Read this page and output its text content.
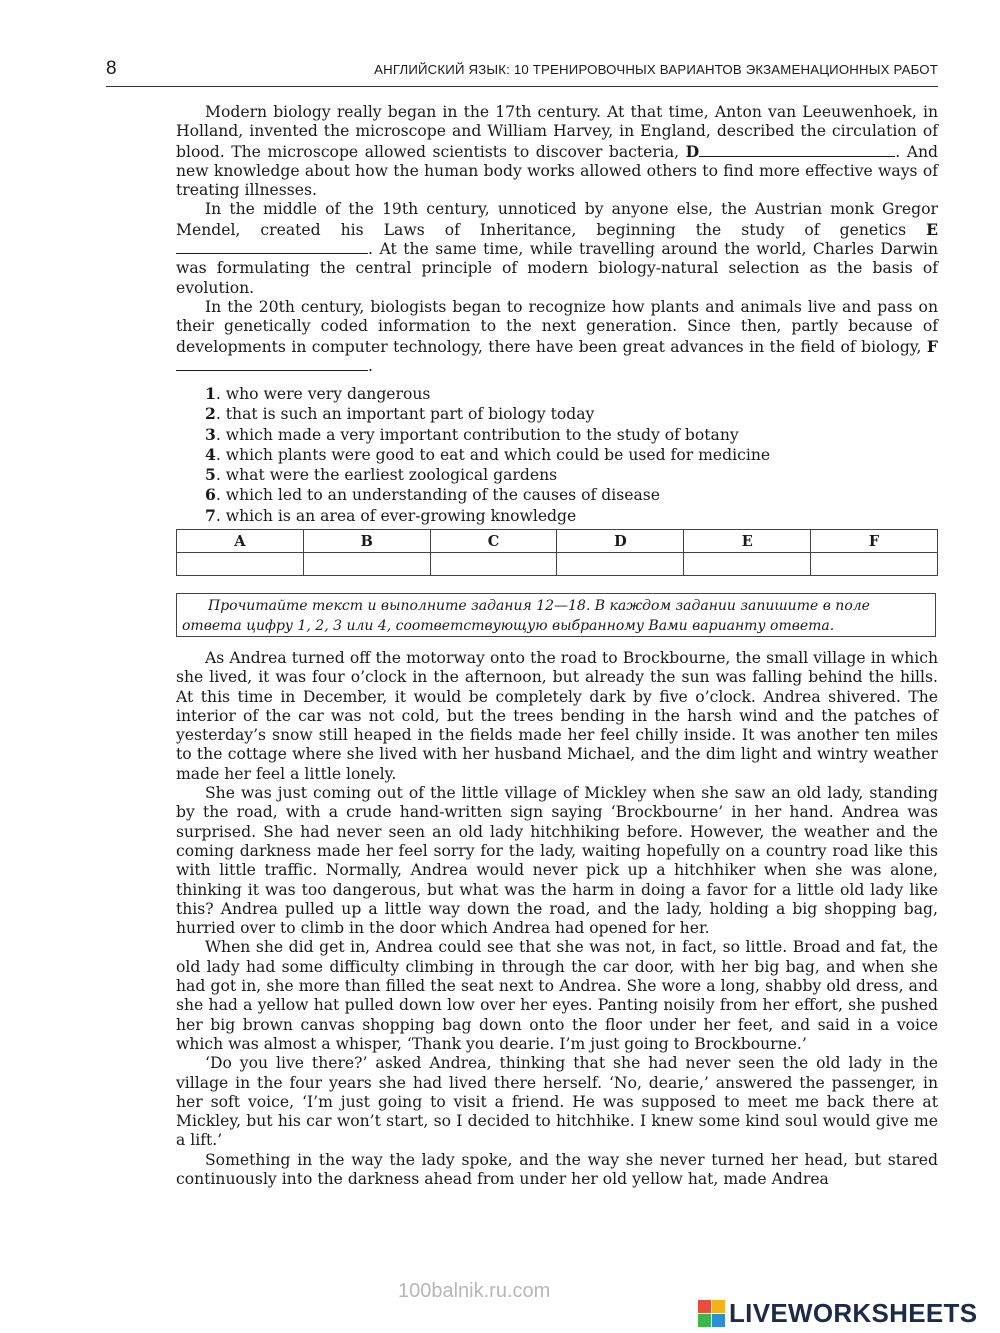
8	АНГЛИЙСКИЙ ЯЗЫК: 10 ТРЕНИРОВОЧНЫХ ВАРИАНТОВ ЭКЗАМЕНАЦИОННЫХ РАБОТ

Modern biology really began in the 17th century. At that time, Anton van Leeuwenhoek, in Holland, invented the microscope and William Harvey, in England, described the circulation of blood. The microscope allowed scientists to discover bacteria, D	. And new knowledge about how the human body works allowed others to find more effective ways of treating illnesses.

In the middle of the 19th century, unnoticed by anyone else, the Austrian monk Gregor Mendel, created his Laws of Inheritance, beginning the study of genetics E. At the same time, while travelling around the world, Charles Darwin was formulating the central principle of modern biology-natural selection as the basis of evolution.

In the 20th century, biologists began to recognize how plants and animals live and pass on their genetically coded information to the next generation. Since then, partly because of developments in computer technology, there have been great advances in the field of biology, F.

1. who were very dangerous
2. that is such an important part of biology today
3. which made a very important contribution to the study of botany
4. which plants were good to eat and which could be used for medicine
5. what were the earliest zoological gardens
6. which led to an understanding of the causes of disease
7. which is an area of ever-growing knowledge
A	B	C	D	E	F

Прочитайте текст и выполните задания 12—18. В каждом задании запишите в поле
ответа цифру 1, 2, 3 или 4, соответствующую выбранному Вами варианту ответа.

As Andrea turned off the motorway onto the road to Brockbourne, the small village in which she lived, it was four o’clock in the afternoon, but already the sun was falling behind the hills. At this time in December, it would be completely dark by five o’clock. Andrea shivered. The interior of the car was not cold, but the trees bending in the harsh wind and the patches of yesterday’s snow still heaped in the fields made her feel chilly inside. It was another ten miles to the cottage where she lived with her husband Michael, and the dim light and wintry weather made her feel a little lonely.

She was just coming out of the little village of Mickley when she saw an old lady, standing by the road, with a crude hand-written sign saying ‘Brockbourne’ in her hand. Andrea was surprised. She had never seen an old lady hitchhiking before. However, the weather and the coming darkness made her feel sorry for the lady, waiting hopefully on a country road like this with little traffic. Normally, Andrea would never pick up a hitchhiker when she was alone, thinking it was too dangerous, but what was the harm in doing a favor for a little old lady like this? Andrea pulled up a little way down the road, and the lady, holding a big shopping bag, hurried over to climb in the door which Andrea had opened for her.

When she did get in, Andrea could see that she was not, in fact, so little. Broad and fat, the old lady had some difficulty climbing in through the car door, with her big bag, and when she had got in, she more than filled the seat next to Andrea. She wore a long, shabby old dress, and she had a yellow hat pulled down low over her eyes. Panting noisily from her effort, she pushed her big brown canvas shopping bag down onto the floor under her feet, and said in a voice which was almost a whisper, ‘Thank you dearie. I’m just going to Brockbourne.’

‘Do you live there?’ asked Andrea, thinking that she had never seen the old lady in the village in the four years she had lived there herself. ‘No, dearie,’ answered the passenger, in her soft voice, ‘I’m just going to visit a friend. He was supposed to meet me back there at Mickley, but his car won’t start, so I decided to hitchhike. I knew some kind soul would give me a lift.’

Something in the way the lady spoke, and the way she never turned her head, but stared continuously into the darkness ahead from under her old yellow hat, made Andrea

100balnik.ru.com
LIVEWORKSHEETS
